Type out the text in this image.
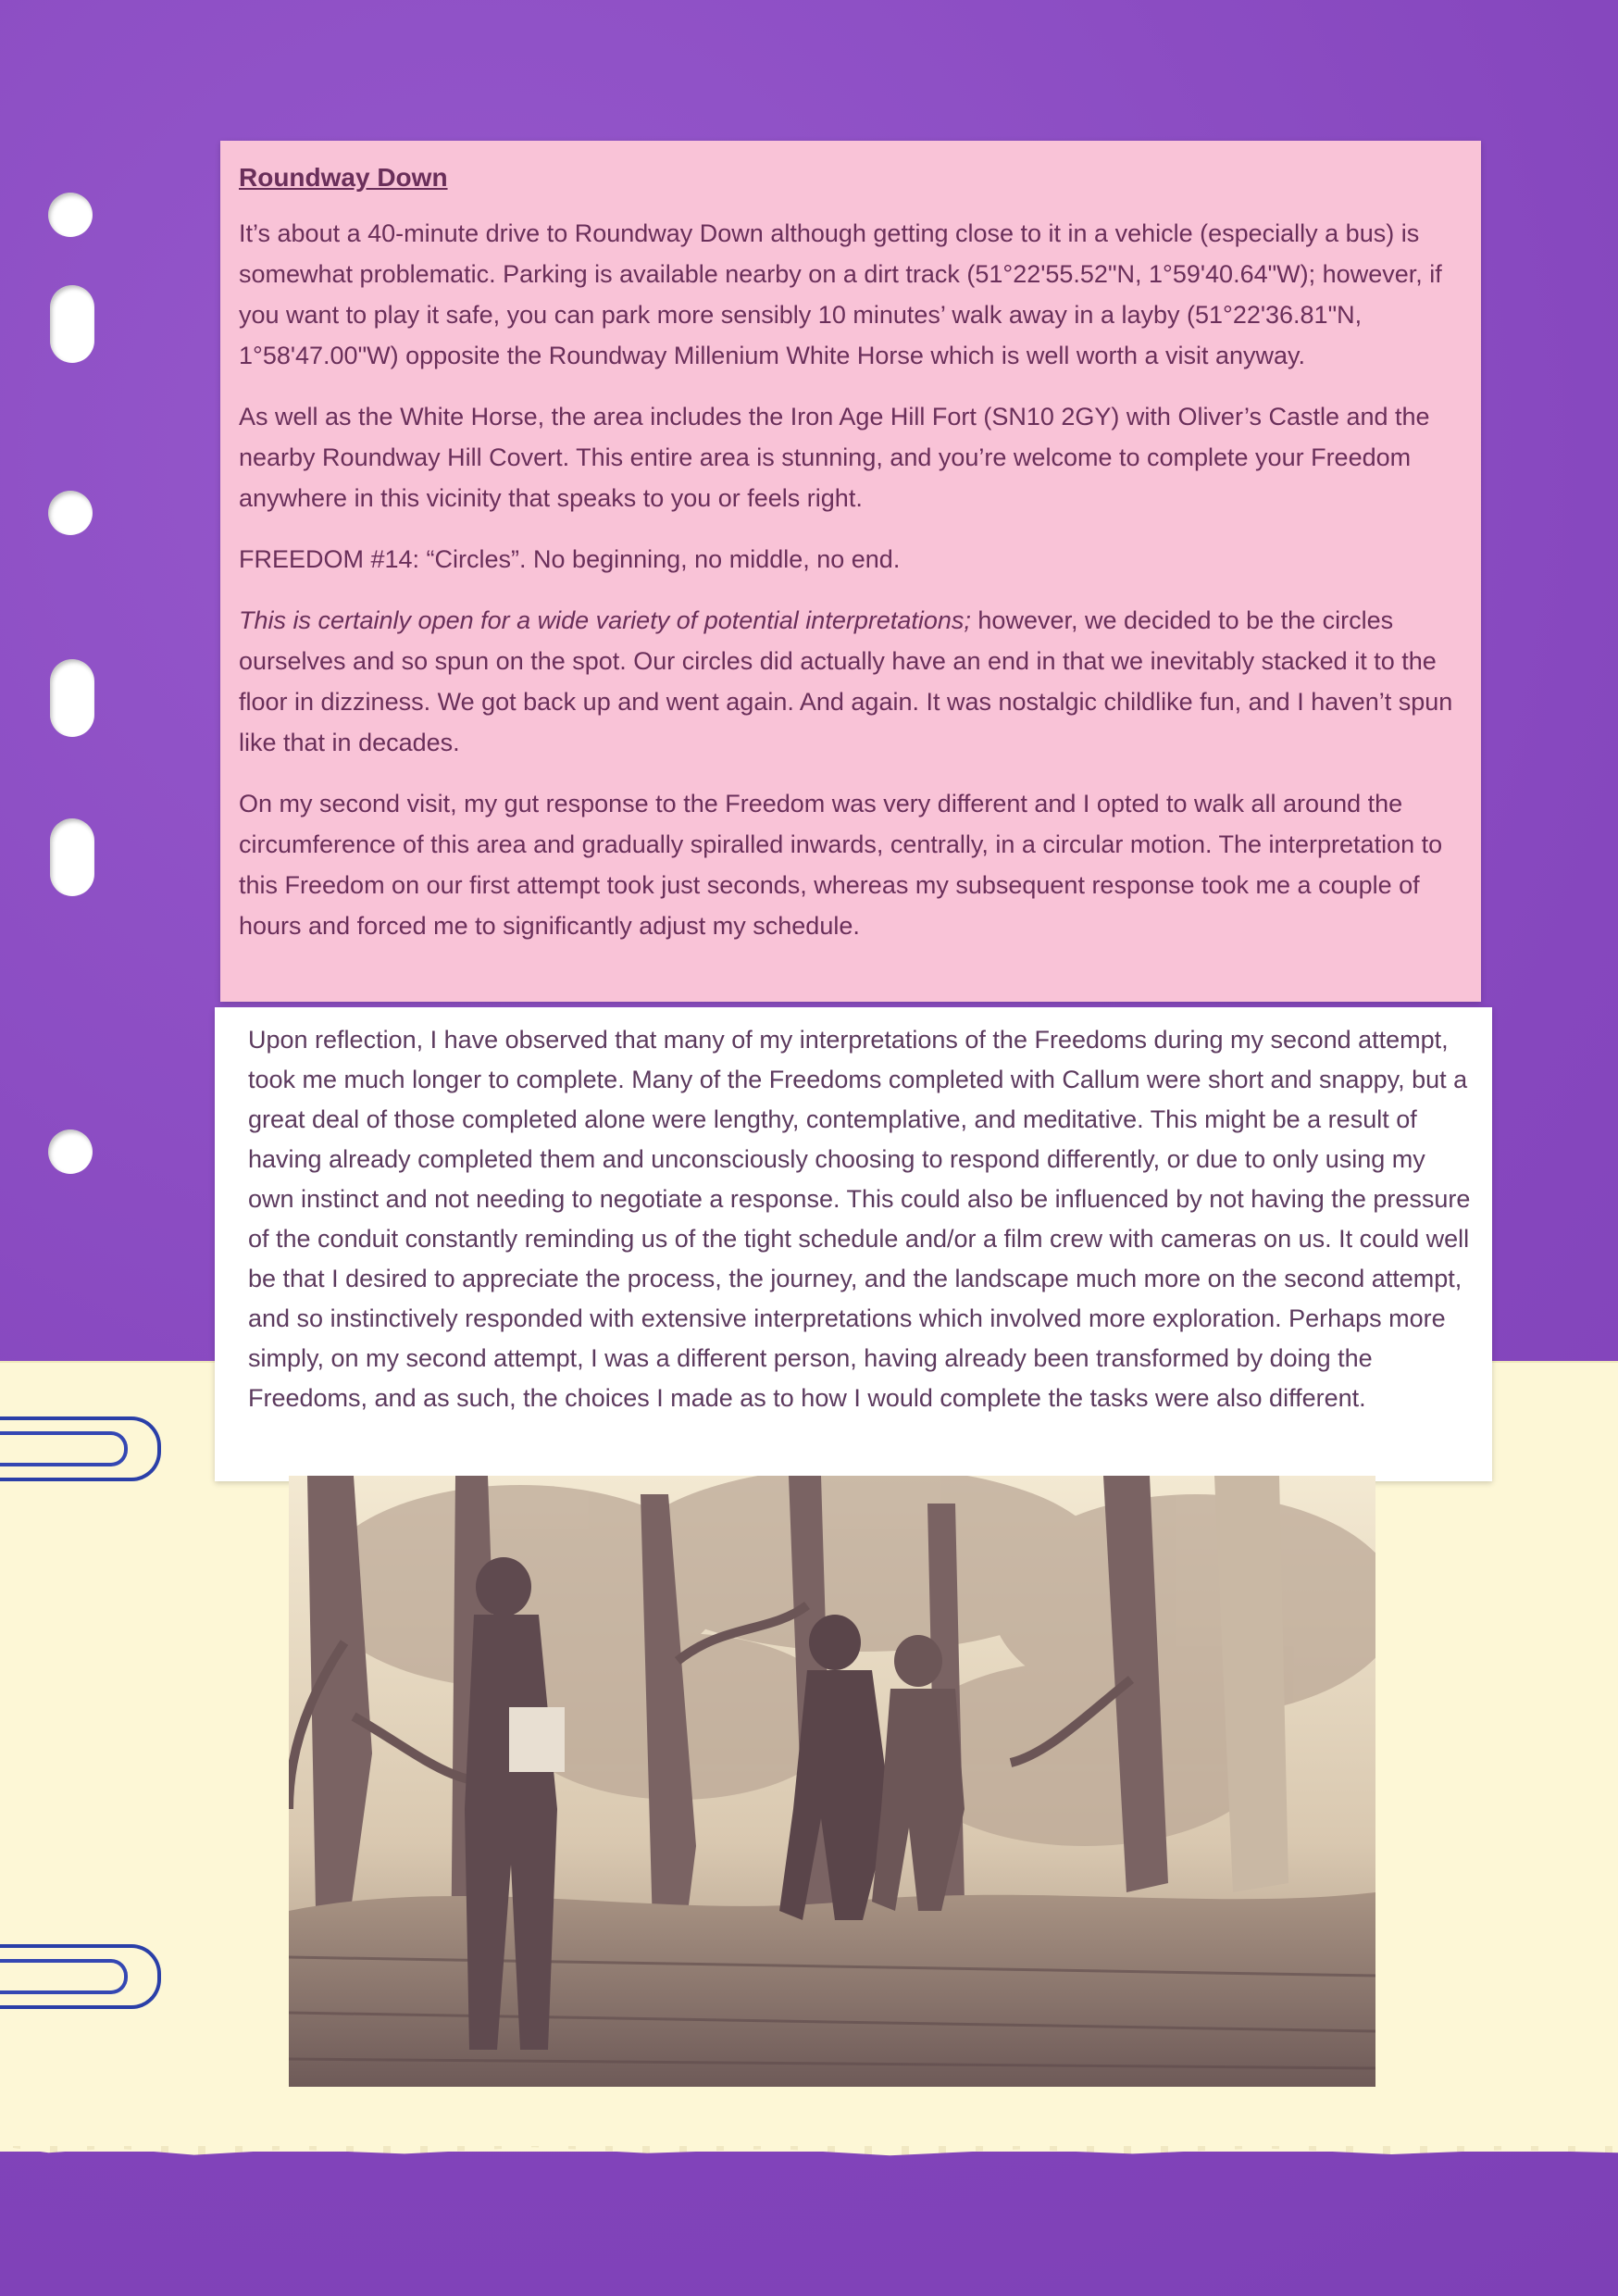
Roundway Down

It’s about a 40-minute drive to Roundway Down although getting close to it in a vehicle (especially a bus) is somewhat problematic. Parking is available nearby on a dirt track (51°22'55.52"N, 1°59'40.64"W); however, if you want to play it safe, you can park more sensibly 10 minutes’ walk away in a layby (51°22'36.81"N, 1°58'47.00"W) opposite the Roundway Millenium White Horse which is well worth a visit anyway.

As well as the White Horse, the area includes the Iron Age Hill Fort (SN10 2GY) with Oliver’s Castle and the nearby Roundway Hill Covert. This entire area is stunning, and you’re welcome to complete your Freedom anywhere in this vicinity that speaks to you or feels right.

FREEDOM #14: “Circles”. No beginning, no middle, no end.

This is certainly open for a wide variety of potential interpretations; however, we decided to be the circles ourselves and so spun on the spot. Our circles did actually have an end in that we inevitably stacked it to the floor in dizziness. We got back up and went again. And again. It was nostalgic childlike fun, and I haven’t spun like that in decades.

On my second visit, my gut response to the Freedom was very different and I opted to walk all around the circumference of this area and gradually spiralled inwards, centrally, in a circular motion. The interpretation to this Freedom on our first attempt took just seconds, whereas my subsequent response took me a couple of hours and forced me to significantly adjust my schedule.

Upon reflection, I have observed that many of my interpretations of the Freedoms during my second attempt, took me much longer to complete. Many of the Freedoms completed with Callum were short and snappy, but a great deal of those completed alone were lengthy, contemplative, and meditative. This might be a result of having already completed them and unconsciously choosing to respond differently, or due to only using my own instinct and not needing to negotiate a response. This could also be influenced by not having the pressure of the conduit constantly reminding us of the tight schedule and/or a film crew with cameras on us. It could well be that I desired to appreciate the process, the journey, and the landscape much more on the second attempt, and so instinctively responded with extensive interpretations which involved more exploration. Perhaps more simply, on my second attempt, I was a different person, having already been transformed by doing the Freedoms, and as such, the choices I made as to how I would complete the tasks were also different.
